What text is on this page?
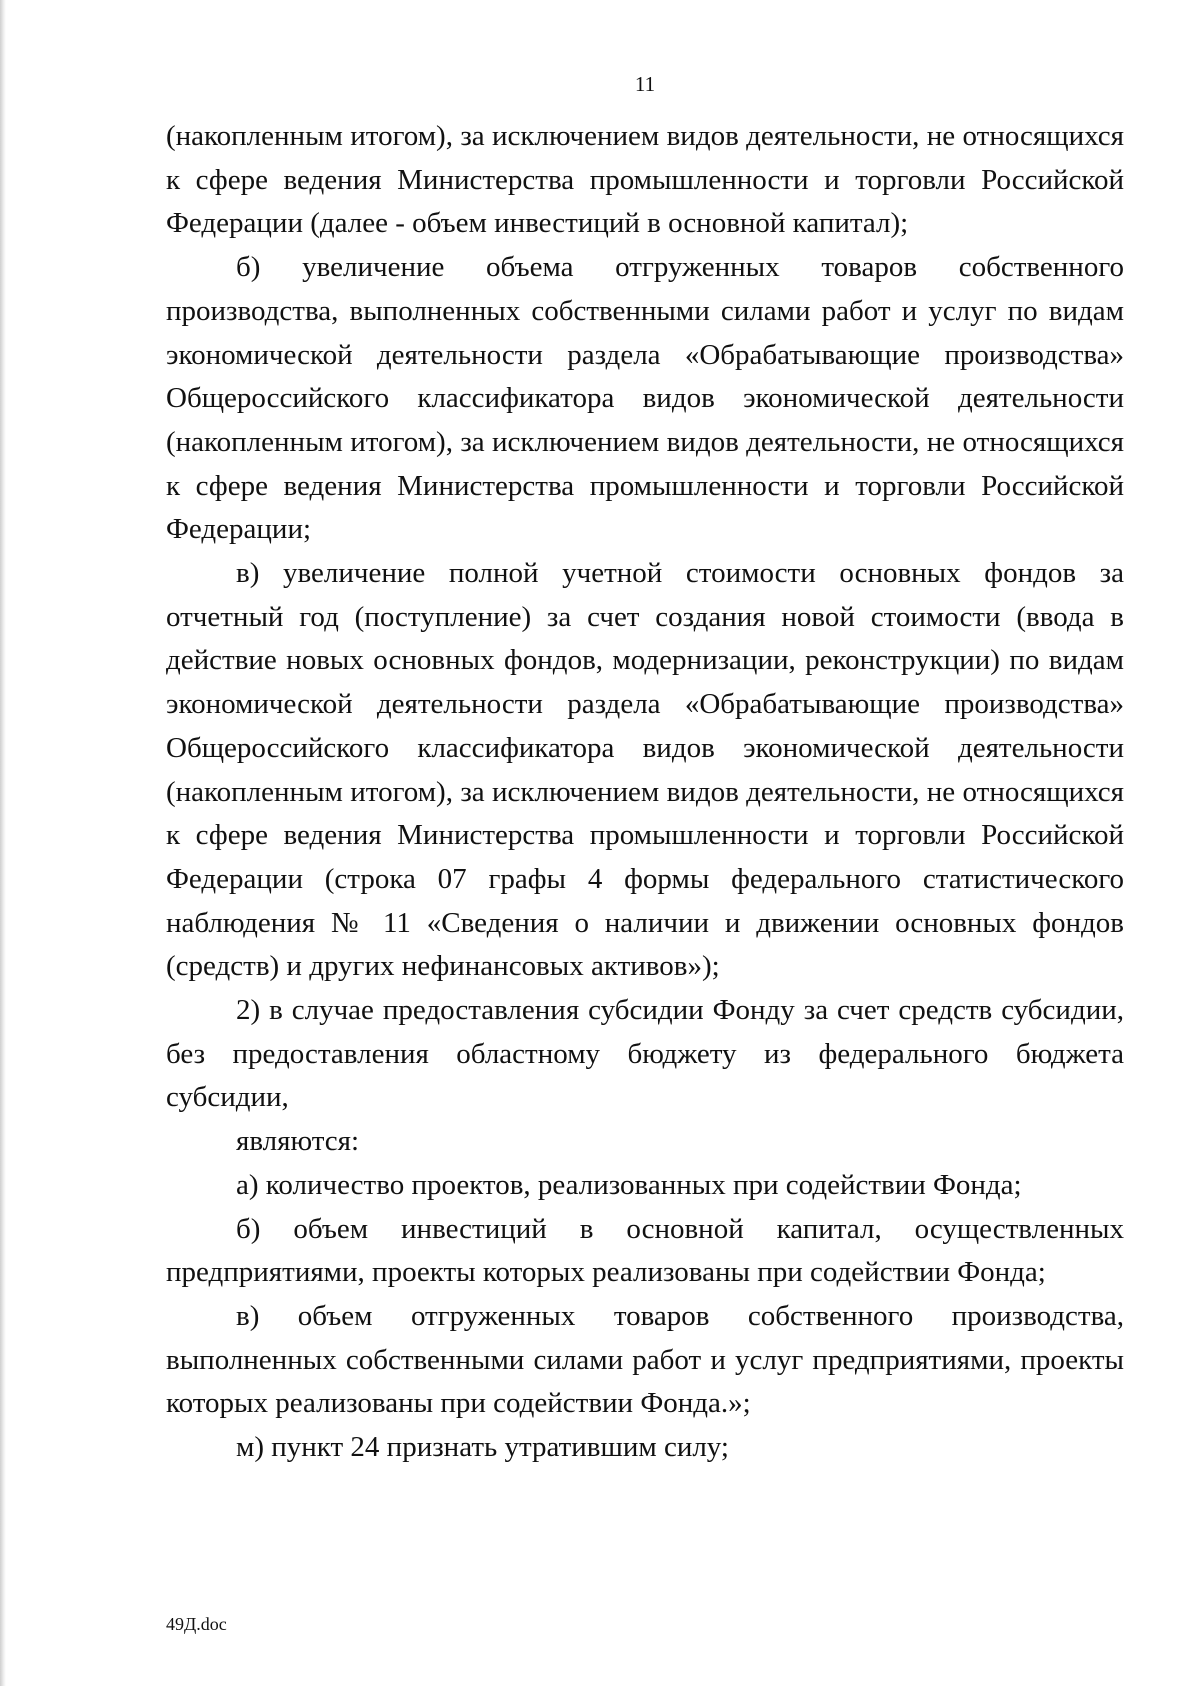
11

(накопленным итогом), за исключением видов деятельности, не относящихся к сфере ведения Министерства промышленности и торговли Российской Федерации (далее - объем инвестиций в основной капитал);

б) увеличение объема отгруженных товаров собственного производства, выполненных собственными силами работ и услуг по видам экономической деятельности раздела «Обрабатывающие производства» Общероссийского классификатора видов экономической деятельности (накопленным итогом), за исключением видов деятельности, не относящихся к сфере ведения Министерства промышленности и торговли Российской Федерации;

в) увеличение полной учетной стоимости основных фондов за отчетный год (поступление) за счет создания новой стоимости (ввода в действие новых основных фондов, модернизации, реконструкции) по видам экономической деятельности раздела «Обрабатывающие производства» Общероссийского классификатора видов экономической деятельности (накопленным итогом), за исключением видов деятельности, не относящихся к сфере ведения Министерства промышленности и торговли Российской Федерации (строка 07 графы 4 формы федерального статистического наблюдения № 11 «Сведения о наличии и движении основных фондов (средств) и других нефинансовых активов»);

2) в случае предоставления субсидии Фонду за счет средств субсидии, без предоставления областному бюджету из федерального бюджета субсидии,

являются:

а) количество проектов, реализованных при содействии Фонда;

б) объем инвестиций в основной капитал, осуществленных предприятиями, проекты которых реализованы при содействии Фонда;

в) объем отгруженных товаров собственного производства, выполненных собственными силами работ и услуг предприятиями, проекты которых реализованы при содействии Фонда.»;

м) пункт 24 признать утратившим силу;

49Д.doc
